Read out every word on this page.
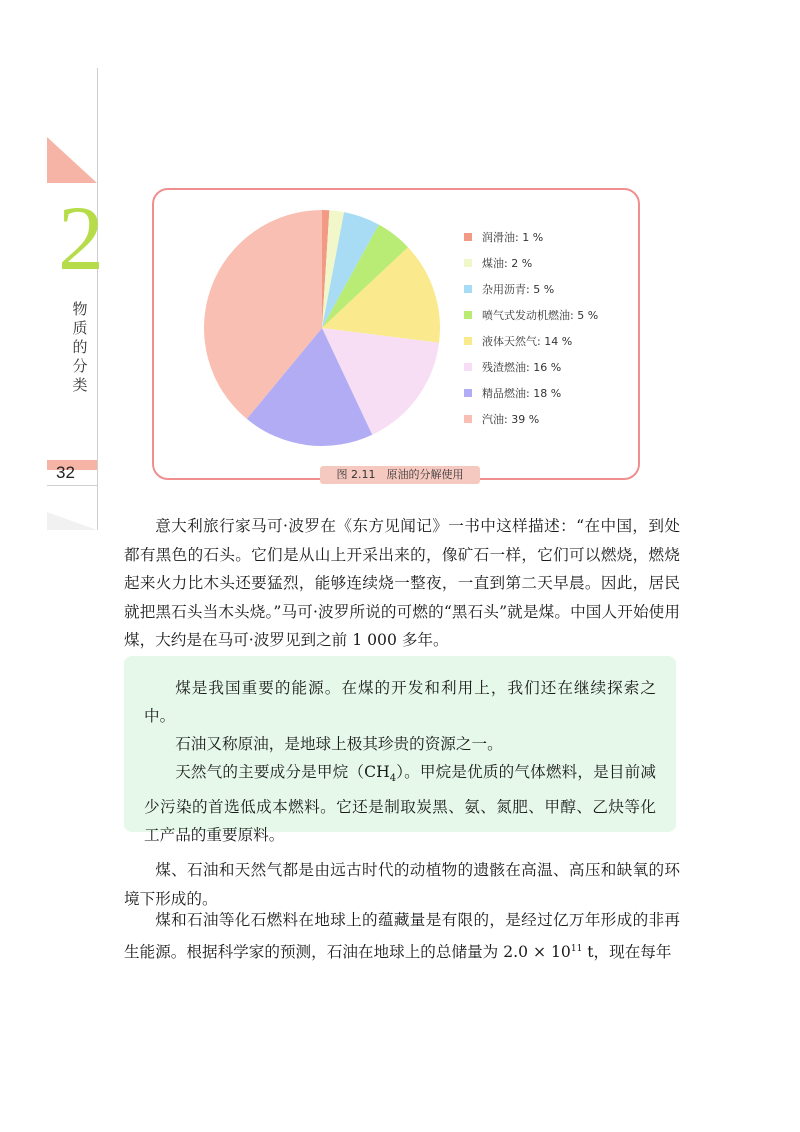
2
物质的分类
32
润滑油: 1 %
煤油: 2 %
杂用沥青: 5 %
喷气式发动机燃油: 5 %
液体天然气: 14 %
残渣燃油: 16 %
精品燃油: 18 %
汽油: 39 %
图 2.11　原油的分解使用

意大利旅行家马可·波罗在《东方见闻记》一书中这样描述：“在中国，到处都有黑色的石头。它们是从山上开采出来的，像矿石一样，它们可以燃烧，燃烧起来火力比木头还要猛烈，能够连续烧一整夜，一直到第二天早晨。因此，居民就把黑石头当木头烧。”马可·波罗所说的可燃的“黑石头”就是煤。中国人开始使用煤，大约是在马可·波罗见到之前 1 000 多年。

煤是我国重要的能源。在煤的开发和利用上，我们还在继续探索之中。

石油又称原油，是地球上极其珍贵的资源之一。

天然气的主要成分是甲烷$(CH_4)$。甲烷是优质的气体燃料，是目前减少污染的首选低成本燃料。它还是制取炭黑、氨、氮肥、甲醇、乙炔等化工产品的重要原料。

煤、石油和天然气都是由远古时代的动植物的遗骸在高温、高压和缺氧的环境下形成的。

煤和石油等化石燃料在地球上的蕴藏量是有限的，是经过亿万年形成的非再生能源。根据科学家的预测，石油在地球上的总储量为 $2.0 \times 10^{11}$ t，现在每年
